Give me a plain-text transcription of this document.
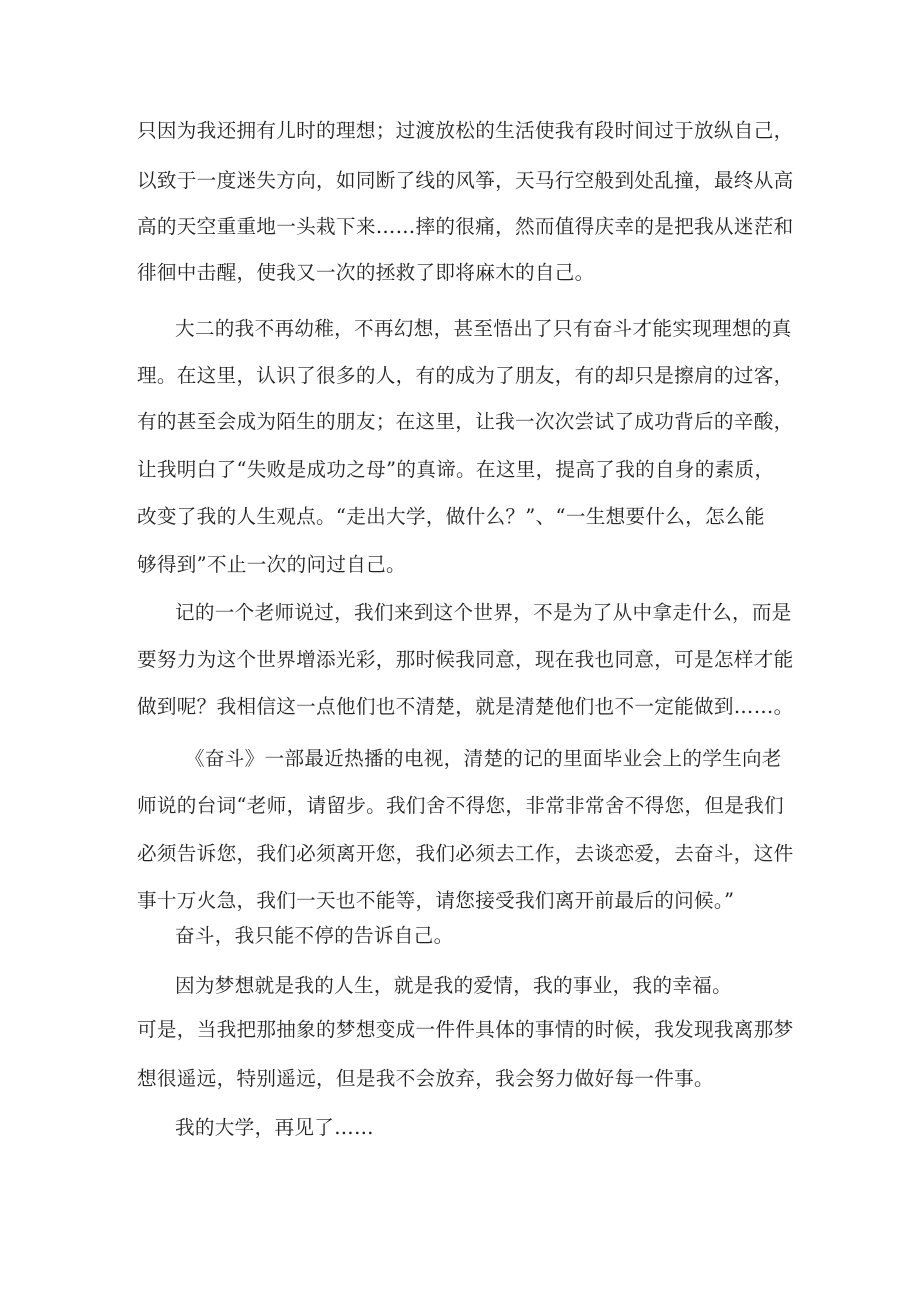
只因为我还拥有儿时的理想；过渡放松的生活使我有段时间过于放纵自己，
以致于一度迷失方向，如同断了线的风筝，天马行空般到处乱撞，最终从高
高的天空重重地一头栽下来……摔的很痛，然而值得庆幸的是把我从迷茫和
徘徊中击醒，使我又一次的拯救了即将麻木的自己。
大二的我不再幼稚，不再幻想，甚至悟出了只有奋斗才能实现理想的真
理。在这里，认识了很多的人，有的成为了朋友，有的却只是擦肩的过客，
有的甚至会成为陌生的朋友；在这里，让我一次次尝试了成功背后的辛酸，
让我明白了“失败是成功之母”的真谛。在这里，提高了我的自身的素质，
改变了我的人生观点。“走出大学，做什么？”、“一生想要什么，怎么能
够得到”不止一次的问过自己。
记的一个老师说过，我们来到这个世界，不是为了从中拿走什么，而是
要努力为这个世界增添光彩，那时候我同意，现在我也同意，可是怎样才能
做到呢？我相信这一点他们也不清楚，就是清楚他们也不一定能做到……。
《奋斗》一部最近热播的电视，清楚的记的里面毕业会上的学生向老
师说的台词“老师，请留步。我们舍不得您，非常非常舍不得您，但是我们
必须告诉您，我们必须离开您，我们必须去工作，去谈恋爱，去奋斗，这件
事十万火急，我们一天也不能等，请您接受我们离开前最后的问候。”
奋斗，我只能不停的告诉自己。
因为梦想就是我的人生，就是我的爱情，我的事业，我的幸福。
可是，当我把那抽象的梦想变成一件件具体的事情的时候，我发现我离那梦
想很遥远，特别遥远，但是我不会放弃，我会努力做好每一件事。
我的大学，再见了……
